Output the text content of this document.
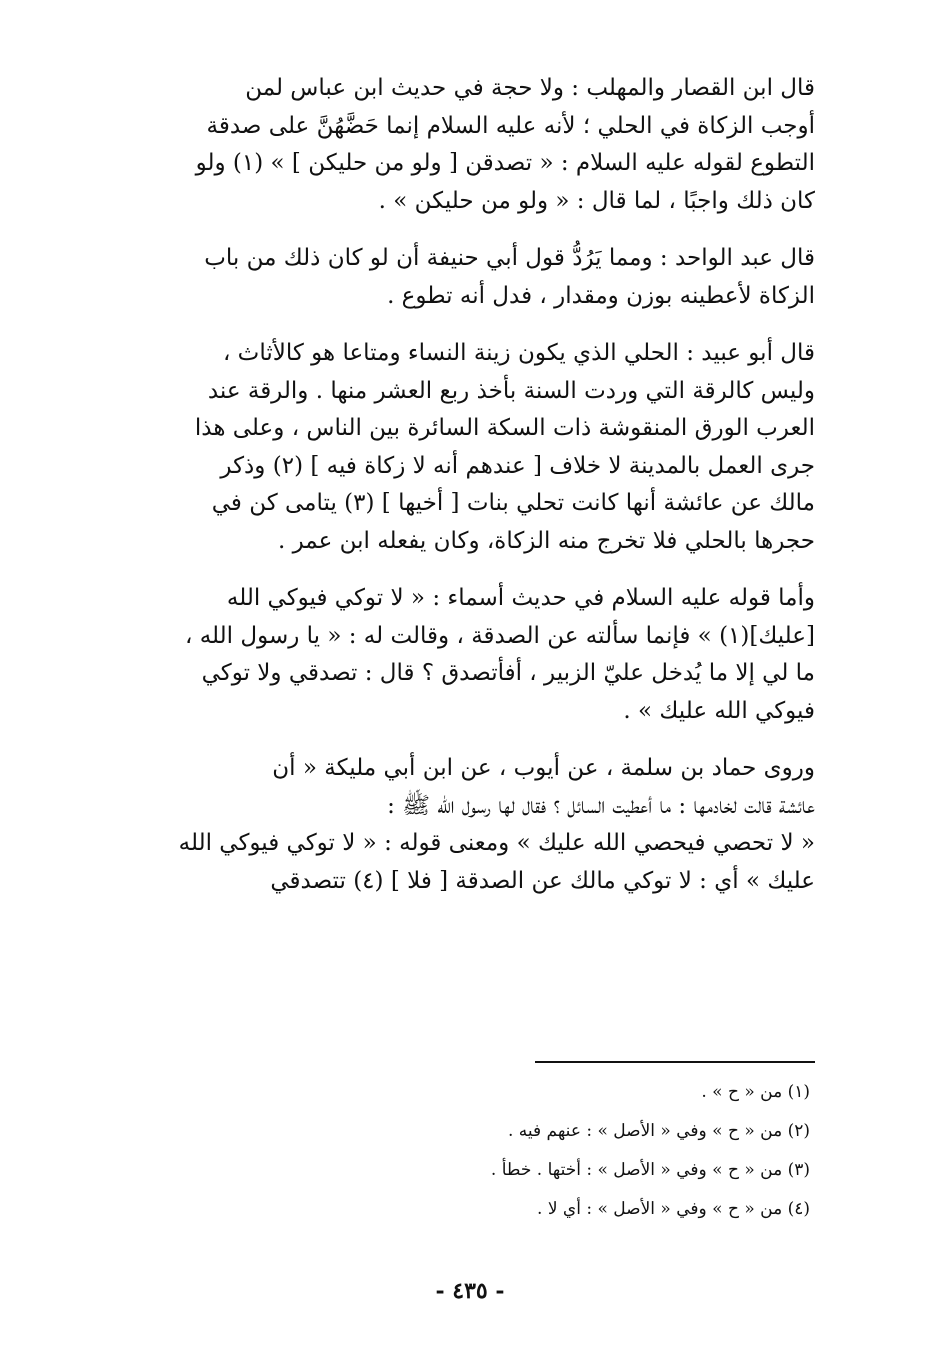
قال ابن القصار والمهلب : ولا حجة في حديث ابن عباس لمن
أوجب الزكاة في الحلي ؛ لأنه عليه السلام إنما حَضَّهُنَّ على صدقة
التطوع لقوله عليه السلام : « تصدقن [ ولو من حليكن ] » (١) ولو
كان ذلك واجبًا ، لما قال : « ولو من حليكن » .
قال عبد الواحد : ومما يَرُدُّ قول أبي حنيفة أن لو كان ذلك من باب
الزكاة لأعطينه بوزن ومقدار ، فدل أنه تطوع .
قال أبو عبيد : الحلي الذي يكون زينة النساء ومتاعا هو كالأثاث ،
وليس كالرقة التي وردت السنة بأخذ ربع العشر منها . والرقة عند
العرب الورق المنقوشة ذات السكة السائرة بين الناس ، وعلى هذا
جرى العمل بالمدينة لا خلاف [ عندهم أنه لا زكاة فيه ] (٢) وذكر
مالك عن عائشة أنها كانت تحلي بنات [ أخيها ] (٣) يتامى كن في
حجرها بالحلي فلا تخرج منه الزكاة، وكان يفعله ابن عمر .
وأما قوله عليه السلام في حديث أسماء : « لا توكي فيوكي الله
[عليك](١) » فإنما سألته عن الصدقة ، وقالت له : « يا رسول الله ،
ما لي إلا ما يُدخل عليّ الزبير ، أفأتصدق ؟ قال : تصدقي ولا توكي
فيوكي الله عليك » .
وروى حماد بن سلمة ، عن أيوب ، عن ابن أبي مليكة « أن
عائشة قالت لخادمها : ما أعطيت السائل ؟ فقال لها رسول الله ﷺ :
« لا تحصي فيحصي الله عليك » ومعنى قوله : « لا توكي فيوكي الله
عليك » أي : لا توكي مالك عن الصدقة [ فلا ] (٤) تتصدقي
(١) من « ح » .
(٢) من « ح » وفي « الأصل » : عنهم فيه .
(٣) من « ح » وفي « الأصل » : أختها . خطأ .
(٤) من « ح » وفي « الأصل » : أي لا .
- ٤٣٥ -
